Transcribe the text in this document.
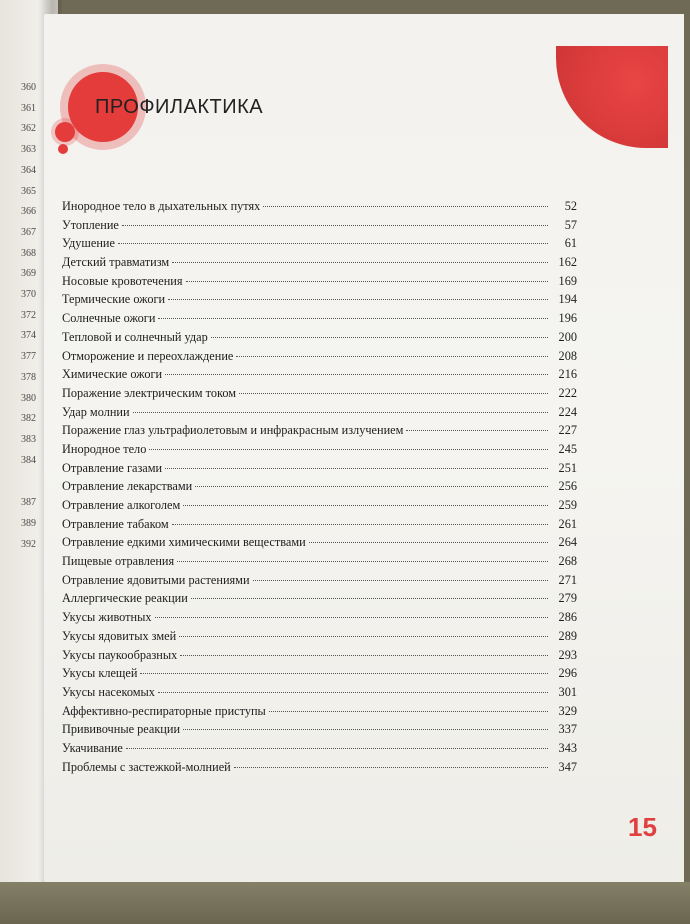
360
361
362
363
364
365
366
367
368
369
370
372
374
377
378
380
382
383
384
387
389
392
ПРОФИЛАКТИКА
Инородное тело в дыхательных путях	52
Утопление	57
Удушение	61
Детский травматизм	162
Носовые кровотечения	169
Термические ожоги	194
Солнечные ожоги	196
Тепловой и солнечный удар	200
Отморожение и переохлаждение	208
Химические ожоги	216
Поражение электрическим током	222
Удар молнии	224
Поражение глаз ультрафиолетовым и инфракрасным излучением	227
Инородное тело	245
Отравление газами	251
Отравление лекарствами	256
Отравление алкоголем	259
Отравление табаком	261
Отравление едкими химическими веществами	264
Пищевые отравления	268
Отравление ядовитыми растениями	271
Аллергические реакции	279
Укусы животных	286
Укусы ядовитых змей	289
Укусы паукообразных	293
Укусы клещей	296
Укусы насекомых	301
Аффективно-респираторные приступы	329
Прививочные реакции	337
Укачивание	343
Проблемы с застежкой-молнией	347
15
